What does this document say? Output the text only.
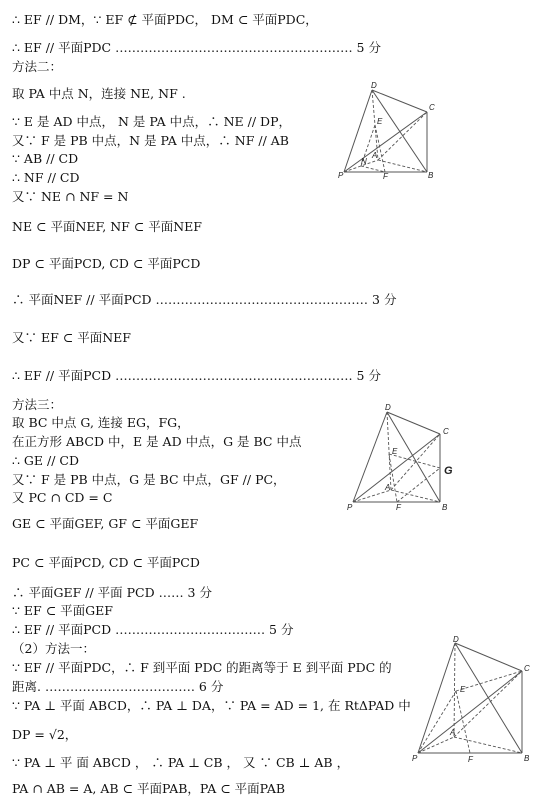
∴ EF // DM，∵ EF ⊄ 平面PDC， DM ⊂ 平面PDC，
∴ EF // 平面PDC ………………………………………………… 5 分
方法二：
取 PA 中点 N，连接 NE, NF .
∵ E 是 AD 中点， N 是 PA 中点，∴ NE // DP，
又∵ F 是 PB 中点，N 是 PA 中点，∴ NF // AB
∵ AB // CD
∴ NF // CD
又∵ NE ∩ NF = N
NE ⊂ 平面NEF, NF ⊂ 平面NEF
DP ⊂ 平面PCD, CD ⊂ 平面PCD
∴ 平面NEF // 平面PCD …………………………………………… 3 分
又∵ EF ⊂ 平面NEF
∴ EF // 平面PCD ………………………………………………… 5 分
方法三：
取 BC 中点 G, 连接 EG，FG，
在正方形 ABCD 中，E 是 AD 中点，G 是 BC 中点
∴ GE // CD
又∵ F 是 PB 中点，G 是 BC 中点，GF // PC，
又 PC ∩ CD = C
GE ⊂ 平面GEF, GF ⊂ 平面GEF
PC ⊂ 平面PCD, CD ⊂ 平面PCD
∴ 平面GEF // 平面 PCD …… 3 分
∵ EF ⊂ 平面GEF
∴ EF // 平面PCD ……………………………… 5 分
（2）方法一：
∵ EF // 平面PDC，∴ F 到平面 PDC 的距离等于 E 到平面 PDC 的
距离. ……………………………… 6 分
∵ PA ⊥ 平面 ABCD，∴ PA ⊥ DA，∵ PA = AD = 1, 在 RtΔPAD 中
DP = √2，
∵ PA ⊥ 平 面 ABCD ， ∴ PA ⊥ CB ， 又 ∵ CB ⊥ AB ，
PA ∩ AB = A, AB ⊂ 平面PAB，PA ⊂ 平面PAB
D
C
E
A
N
P	F	B
D
C
E
G
A
P	F	B
D
C
E
A
P	F	B
